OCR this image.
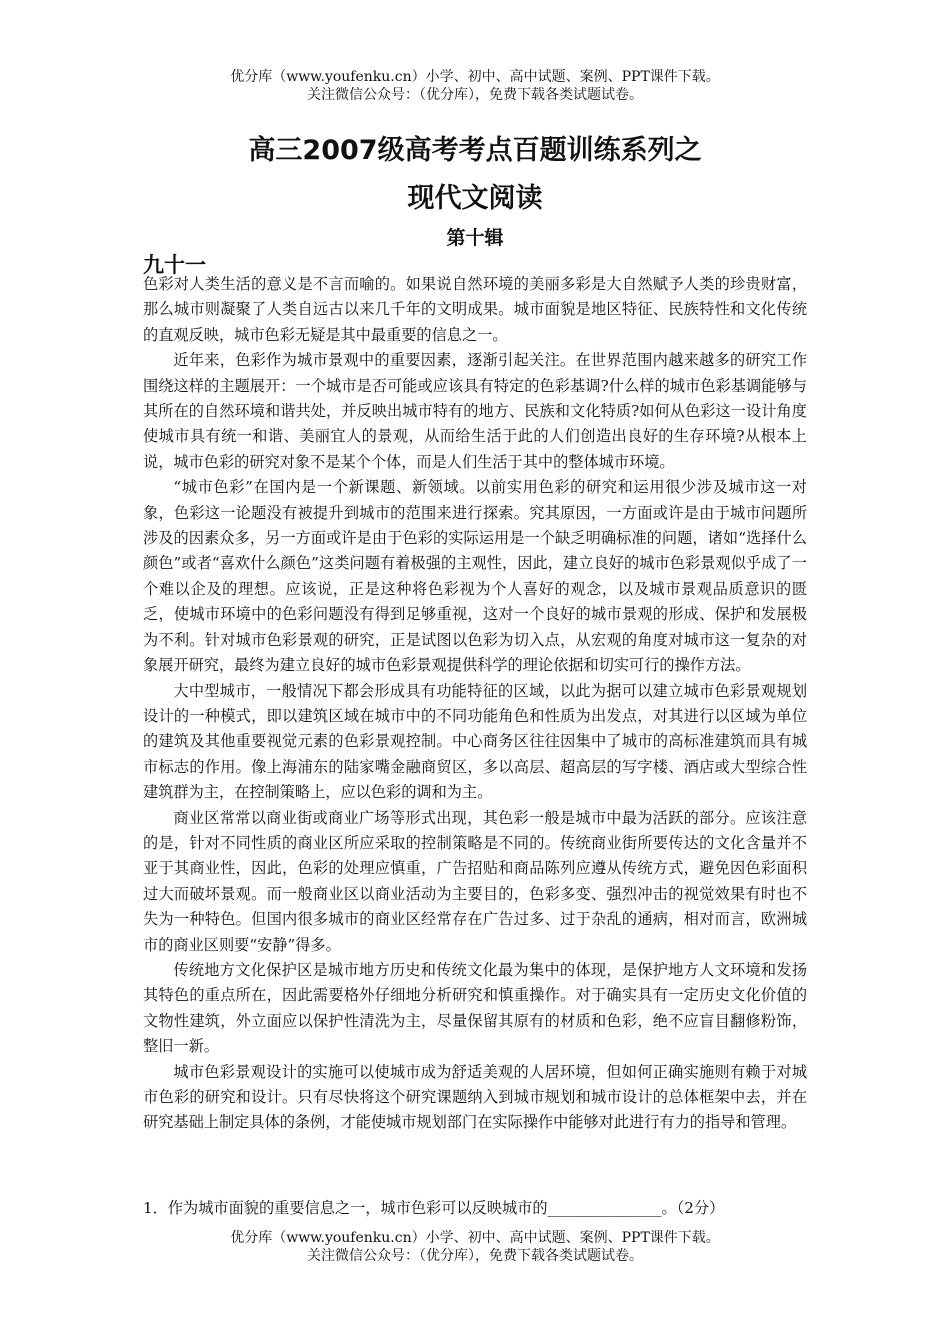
优分库（www.youfenku.cn）小学、初中、高中试题、案例、PPT课件下载。
关注微信公众号：（优分库），免费下载各类试题试卷。
高三2007级高考考点百题训练系列之
现代文阅读
第十辑
九十一

色彩对人类生活的意义是不言而喻的。如果说自然环境的美丽多彩是大自然赋予人类的珍贵财富，那么城市则凝聚了人类自远古以来几千年的文明成果。城市面貌是地区特征、民族特性和文化传统的直观反映，城市色彩无疑是其中最重要的信息之一。

近年来，色彩作为城市景观中的重要因素，逐渐引起关注。在世界范围内越来越多的研究工作围绕这样的主题展开：一个城市是否可能或应该具有特定的色彩基调?什么样的城市色彩基调能够与其所在的自然环境和谐共处，并反映出城市特有的地方、民族和文化特质?如何从色彩这一设计角度使城市具有统一和谐、美丽宜人的景观，从而给生活于此的人们创造出良好的生存环境?从根本上说，城市色彩的研究对象不是某个个体，而是人们生活于其中的整体城市环境。

“城市色彩”在国内是一个新课题、新领域。以前实用色彩的研究和运用很少涉及城市这一对象，色彩这一论题没有被提升到城市的范围来进行探索。究其原因，一方面或许是由于城市问题所涉及的因素众多，另一方面或许是由于色彩的实际运用是一个缺乏明确标准的问题，诸如“选择什么颜色”或者“喜欢什么颜色”这类问题有着极强的主观性，因此，建立良好的城市色彩景观似乎成了一个难以企及的理想。应该说，正是这种将色彩视为个人喜好的观念，以及城市景观品质意识的匮乏，使城市环境中的色彩问题没有得到足够重视，这对一个良好的城市景观的形成、保护和发展极为不利。针对城市色彩景观的研究，正是试图以色彩为切入点，从宏观的角度对城市这一复杂的对象展开研究，最终为建立良好的城市色彩景观提供科学的理论依据和切实可行的操作方法。

大中型城市，一般情况下都会形成具有功能特征的区域，以此为据可以建立城市色彩景观规划设计的一种模式，即以建筑区域在城市中的不同功能角色和性质为出发点，对其进行以区域为单位的建筑及其他重要视觉元素的色彩景观控制。中心商务区往往因集中了城市的高标准建筑而具有城市标志的作用。像上海浦东的陆家嘴金融商贸区，多以高层、超高层的写字楼、酒店或大型综合性建筑群为主，在控制策略上，应以色彩的调和为主。

商业区常常以商业街或商业广场等形式出现，其色彩一般是城市中最为活跃的部分。应该注意的是，针对不同性质的商业区所应采取的控制策略是不同的。传统商业街所要传达的文化含量并不亚于其商业性，因此，色彩的处理应慎重，广告招贴和商品陈列应遵从传统方式，避免因色彩面积过大而破坏景观。而一般商业区以商业活动为主要目的，色彩多变、强烈冲击的视觉效果有时也不失为一种特色。但国内很多城市的商业区经常存在广告过多、过于杂乱的通病，相对而言，欧洲城市的商业区则要“安静”得多。

传统地方文化保护区是城市地方历史和传统文化最为集中的体现，是保护地方人文环境和发扬其特色的重点所在，因此需要格外仔细地分析研究和慎重操作。对于确实具有一定历史文化价值的文物性建筑，外立面应以保护性清洗为主，尽量保留其原有的材质和色彩，绝不应盲目翻修粉饰，整旧一新。

城市色彩景观设计的实施可以使城市成为舒适美观的人居环境，但如何正确实施则有赖于对城市色彩的研究和设计。只有尽快将这个研究课题纳入到城市规划和城市设计的总体框架中去，并在研究基础上制定具体的条例，才能使城市规划部门在实际操作中能够对此进行有力的指导和管理。

1．作为城市面貌的重要信息之一，城市色彩可以反映城市的_______________。（2分）
优分库（www.youfenku.cn）小学、初中、高中试题、案例、PPT课件下载。
关注微信公众号：（优分库），免费下载各类试题试卷。
